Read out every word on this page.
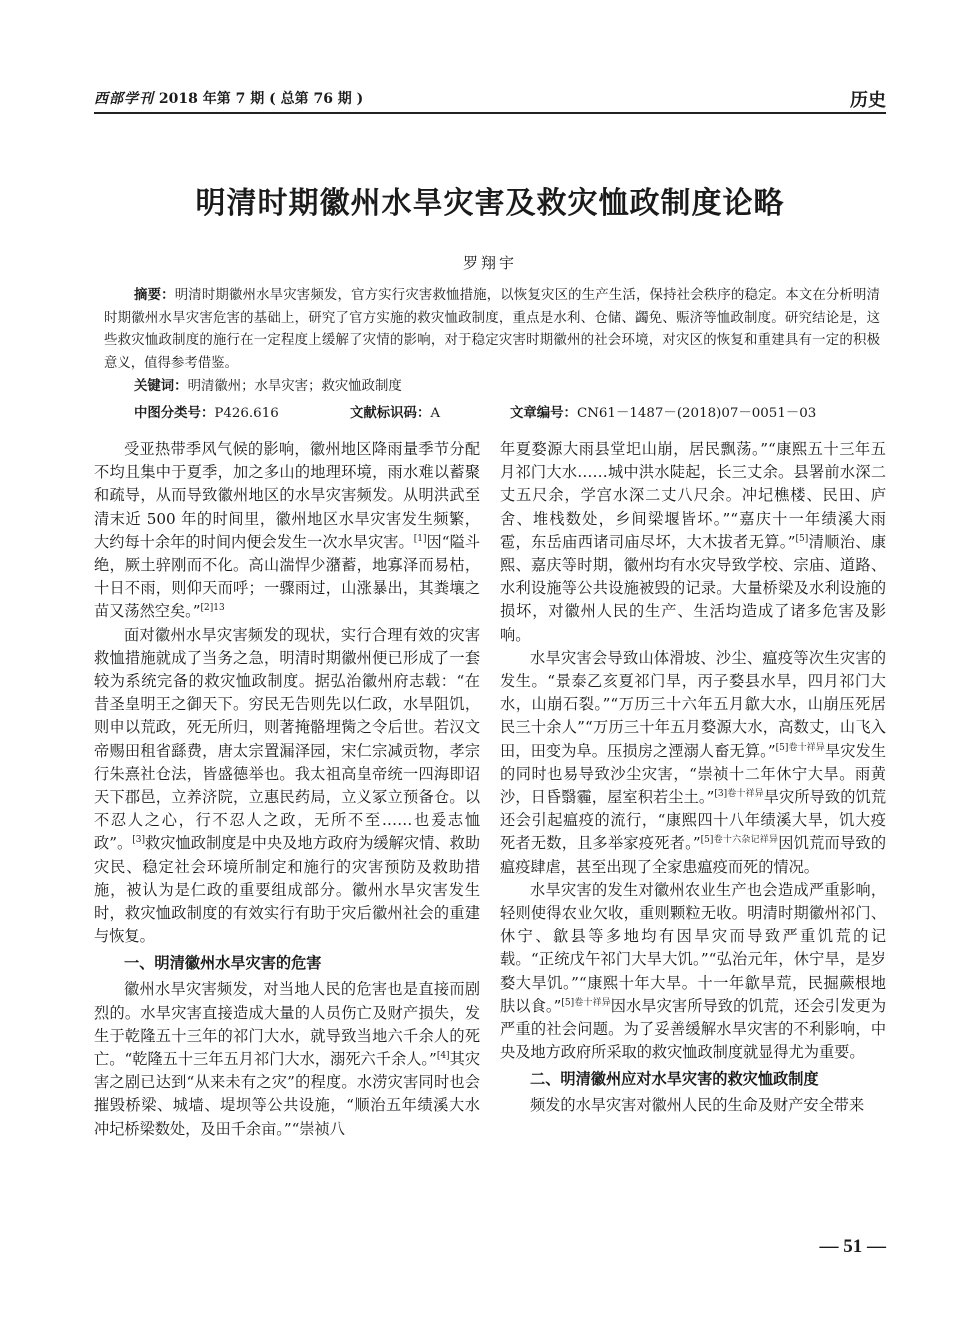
西部学刊 2018 年第 7 期 ( 总第 76 期 )	历史
明清时期徽州水旱灾害及救灾恤政制度论略
罗翔宇

摘要：明清时期徽州水旱灾害频发，官方实行灾害救恤措施，以恢复灾区的生产生活，保持社会秩序的稳定。本文在分析明清时期徽州水旱灾害危害的基础上，研究了官方实施的救灾恤政制度，重点是水利、仓储、蠲免、赈济等恤政制度。研究结论是，这些救灾恤政制度的施行在一定程度上缓解了灾情的影响，对于稳定灾害时期徽州的社会环境，对灾区的恢复和重建具有一定的积极意义，值得参考借鉴。

关键词：明清徽州；水旱灾害；救灾恤政制度
中图分类号：P426.616	文献标识码：A	文章编号：CN61－1487－(2018)07－0051－03

受亚热带季风气候的影响，徽州地区降雨量季节分配不均且集中于夏季，加之多山的地理环境，雨水难以蓄聚和疏导，从而导致徽州地区的水旱灾害频发。从明洪武至清末近 500 年的时间里，徽州地区水旱灾害发生频繁，大约每十余年的时间内便会发生一次水旱灾害。[1]因“隘斗绝，厥土骍刚而不化。高山湍悍少潴蓄，地寡泽而易枯，十日不雨，则仰天而呼；一骤雨过，山涨暴出，其粪壤之苗又荡然空矣。”$^{[2]13}$

面对徽州水旱灾害频发的现状，实行合理有效的灾害救恤措施就成了当务之急，明清时期徽州便已形成了一套较为系统完备的救灾恤政制度。据弘治徽州府志载：“在昔圣皇明王之御天下。穷民无告则先以仁政，水旱阻饥，则申以荒政，死无所归，则著掩骼埋胔之令后世。若汉文帝赐田租省繇费，唐太宗置漏泽园，宋仁宗减贡物，孝宗行朱熹社仓法，皆盛德举也。我太祖高皇帝统一四海即诏天下郡邑，立养济院，立惠民药局，立义冢立预备仓。以不忍人之心，行不忍人之政，无所不至……也爰志恤政”。[3]救灾恤政制度是中央及地方政府为缓解灾情、救助灾民、稳定社会环境所制定和施行的灾害预防及救助措施，被认为是仁政的重要组成部分。徽州水旱灾害发生时，救灾恤政制度的有效实行有助于灾后徽州社会的重建与恢复。

一、明清徽州水旱灾害的危害

徽州水旱灾害频发，对当地人民的危害也是直接而剧烈的。水旱灾害直接造成大量的人员伤亡及财产损失，发生于乾隆五十三年的祁门大水，就导致当地六千余人的死亡。“乾隆五十三年五月祁门大水，溺死六千余人。”[4]其灾害之剧已达到“从来未有之灾”的程度。水涝灾害同时也会摧毁桥梁、城墙、堤坝等公共设施，“顺治五年绩溪大水冲圮桥梁数处，及田千余亩。”“崇祯八

年夏婺源大雨县堂圯山崩，居民飘荡。”“康熙五十三年五月祁门大水……城中洪水陡起，长三丈余。县署前水深二丈五尺余，学宫水深二丈八尺余。冲圮樵楼、民田、庐舍、堆栈数处，乡间梁堰皆坏。”“嘉庆十一年绩溪大雨雹，东岳庙西诸司庙尽坏，大木拔者无算。”[5]清顺治、康熙、嘉庆等时期，徽州均有水灾导致学校、宗庙、道路、水利设施等公共设施被毁的记录。大量桥梁及水利设施的损坏，对徽州人民的生产、生活均造成了诸多危害及影响。

水旱灾害会导致山体滑坡、沙尘、瘟疫等次生灾害的发生。“景泰乙亥夏祁门旱，丙子婺县水旱，四月祁门大水，山崩石裂。”“万历三十六年五月歙大水，山崩压死居民三十余人”“万历三十年五月婺源大水，高数丈，山飞入田，田变为阜。压损房之湮溺人畜无算。”$^{[5]卷十祥异}$旱灾发生的同时也易导致沙尘灾害，“崇祯十二年休宁大旱。雨黄沙，日昏翳霾，屋室积若尘土。”$^{[3]卷十祥异}$旱灾所导致的饥荒还会引起瘟疫的流行，“康熙四十八年绩溪大旱，饥大疫死者无数，且多举家疫死者。”$^{[5]卷十六杂记祥异}$因饥荒而导致的瘟疫肆虐，甚至出现了全家患瘟疫而死的情况。

水旱灾害的发生对徽州农业生产也会造成严重影响，轻则使得农业欠收，重则颗粒无收。明清时期徽州祁门、休宁、歙县等多地均有因旱灾而导致严重饥荒的记载。“正统戊午祁门大旱大饥。”“弘治元年，休宁旱，是岁婺大旱饥。”“康熙十年大旱。十一年歙旱荒，民掘蕨根地肤以食。”$^{[5]卷十祥异}$因水旱灾害所导致的饥荒，还会引发更为严重的社会问题。为了妥善缓解水旱灾害的不利影响，中央及地方政府所采取的救灾恤政制度就显得尤为重要。

二、明清徽州应对水旱灾害的救灾恤政制度

频发的水旱灾害对徽州人民的生命及财产安全带来

— 51 —
